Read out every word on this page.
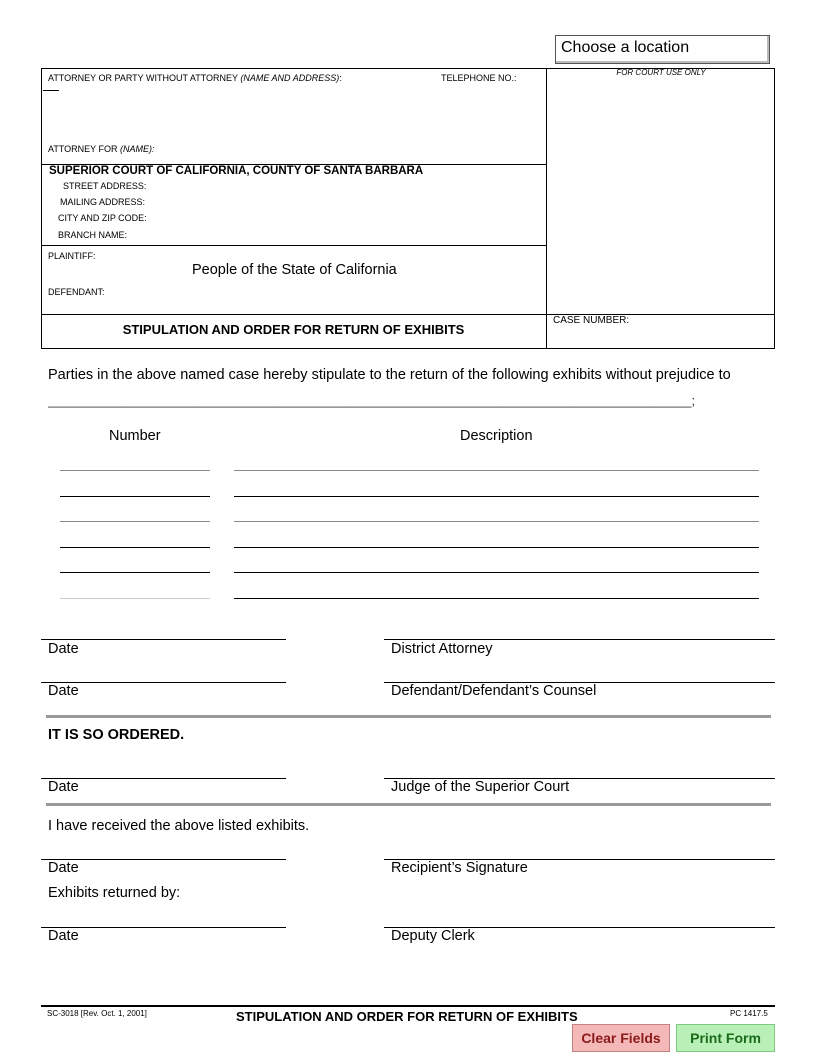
Choose a location
ATTORNEY OR PARTY WITHOUT ATTORNEY (NAME AND ADDRESS):	TELEPHONE NO.:
FOR COURT USE ONLY
ATTORNEY FOR (NAME):
SUPERIOR COURT OF CALIFORNIA, COUNTY OF SANTA BARBARA
STREET ADDRESS:
MAILING ADDRESS:
CITY AND ZIP CODE:
BRANCH NAME:
PLAINTIFF:
People of the State of California
DEFENDANT:
STIPULATION AND ORDER FOR RETURN OF EXHIBITS
CASE NUMBER:
Parties in the above named case hereby stipulate to the return of the following exhibits without prejudice to
_________________________________________________________________________________________;
Number	Description
Date	District Attorney
Date	Defendant/Defendant’s Counsel
IT IS SO ORDERED.
Date	Judge of the Superior Court
I have received the above listed exhibits.
Date	Recipient’s Signature
Exhibits returned by:
Date	Deputy Clerk
SC-3018 [Rev. Oct. 1, 2001]	STIPULATION AND ORDER FOR RETURN OF EXHIBITS	PC 1417.5
Clear Fields	Print Form
